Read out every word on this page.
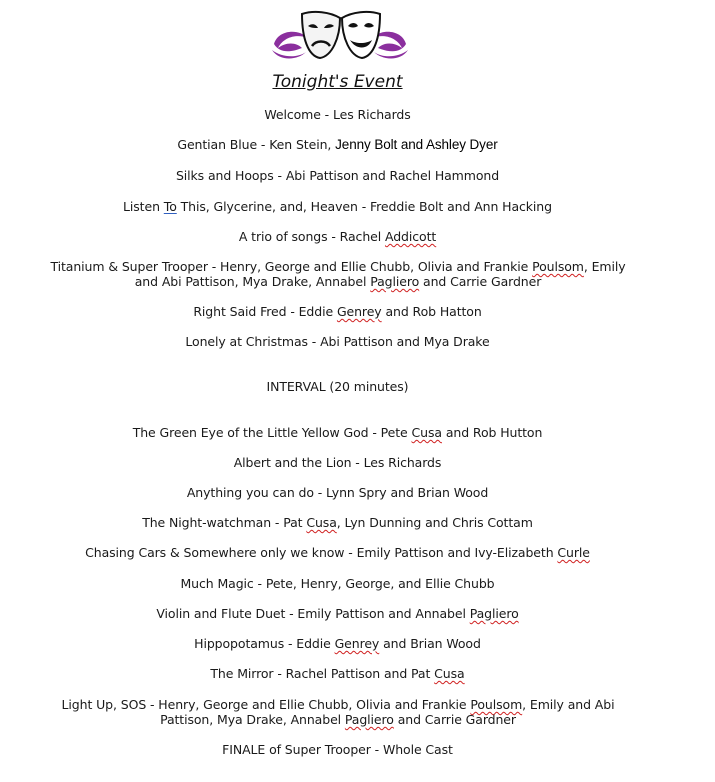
Tonight's Event
Welcome - Les Richards
Gentian Blue - Ken Stein, Jenny Bolt and Ashley Dyer
Silks and Hoops - Abi Pattison and Rachel Hammond
Listen To This, Glycerine, and, Heaven - Freddie Bolt and Ann Hacking
A trio of songs - Rachel Addicott
Titanium & Super Trooper - Henry, George and Ellie Chubb, Olivia and Frankie Poulsom, Emily and Abi Pattison, Mya Drake, Annabel Pagliero and Carrie Gardner
Right Said Fred - Eddie Genrey and Rob Hatton
Lonely at Christmas - Abi Pattison and Mya Drake
INTERVAL (20 minutes)
The Green Eye of the Little Yellow God - Pete Cusa and Rob Hutton
Albert and the Lion - Les Richards
Anything you can do - Lynn Spry and Brian Wood
The Night-watchman - Pat Cusa, Lyn Dunning and Chris Cottam
Chasing Cars & Somewhere only we know - Emily Pattison and Ivy-Elizabeth Curle
Much Magic - Pete, Henry, George, and Ellie Chubb
Violin and Flute Duet - Emily Pattison and Annabel Pagliero
Hippopotamus - Eddie Genrey and Brian Wood
The Mirror - Rachel Pattison and Pat Cusa
Light Up, SOS - Henry, George and Ellie Chubb, Olivia and Frankie Poulsom, Emily and Abi Pattison, Mya Drake, Annabel Pagliero and Carrie Gardner
FINALE of Super Trooper - Whole Cast
